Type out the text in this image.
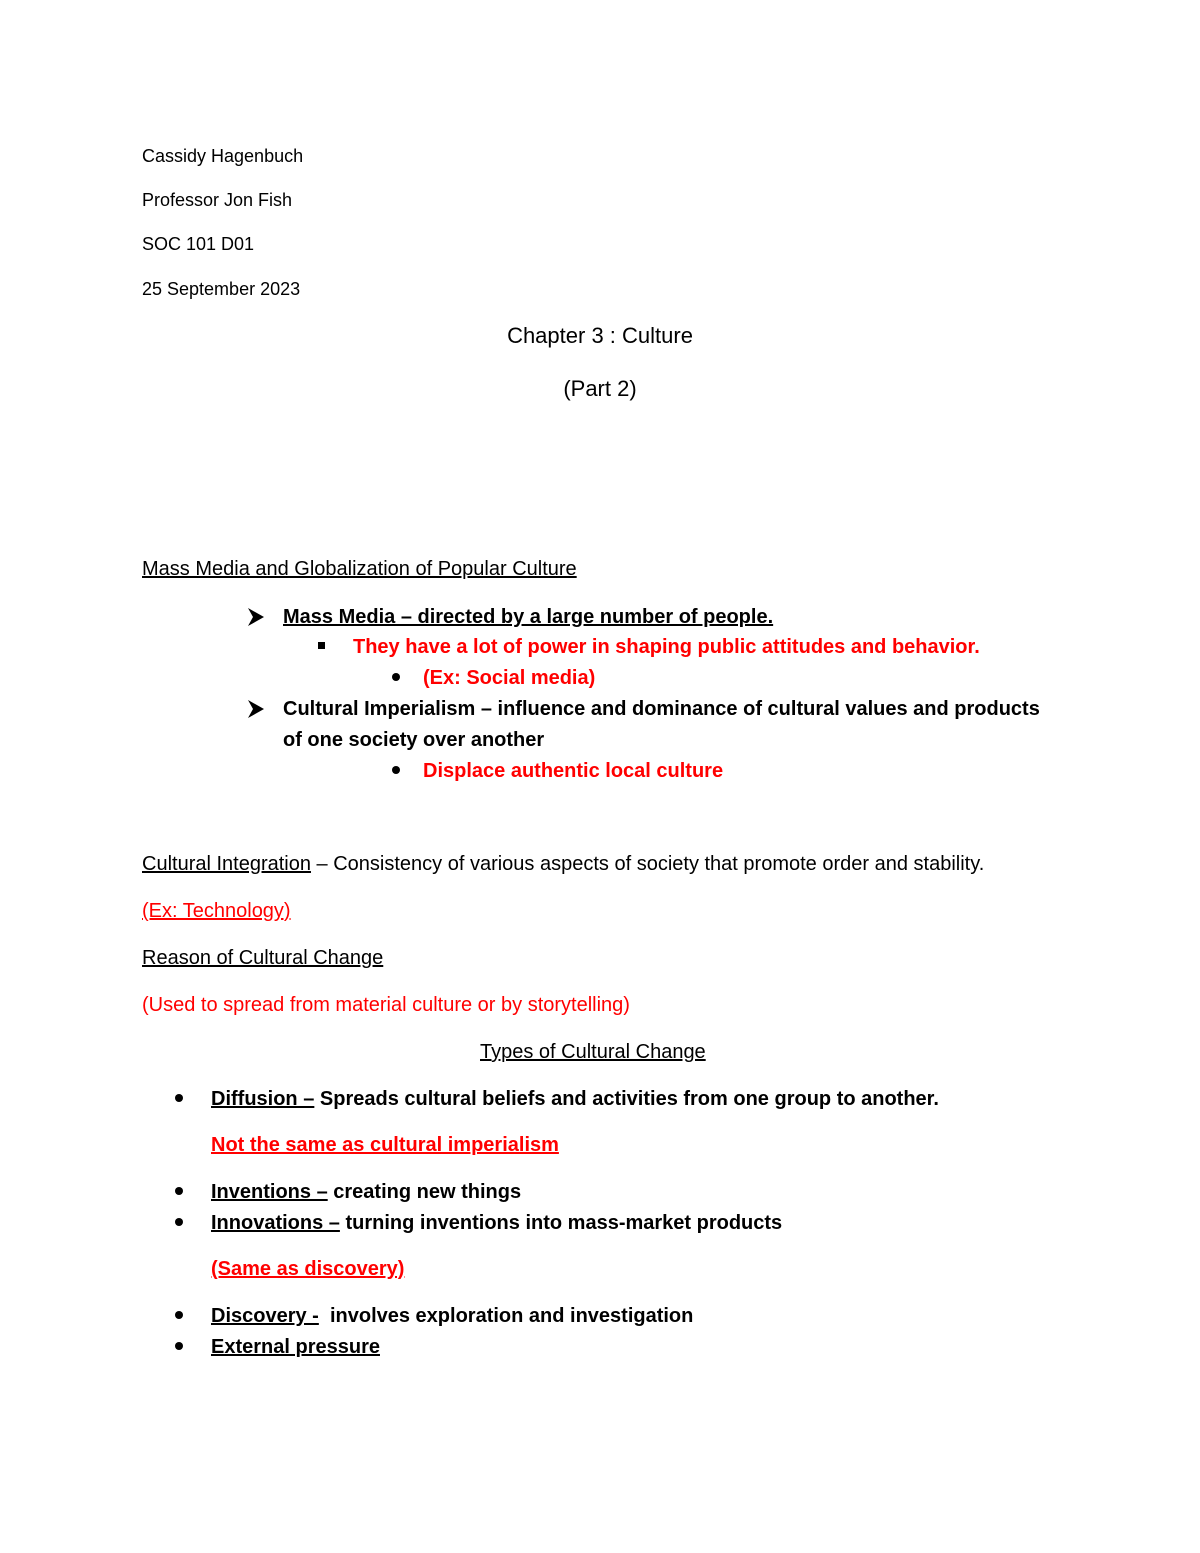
Cassidy Hagenbuch
Professor Jon Fish
SOC 101 D01
25 September 2023
Chapter 3 : Culture
(Part 2)
Mass Media and Globalization of Popular Culture
Mass Media – directed by a large number of people.
They have a lot of power in shaping public attitudes and behavior.
(Ex: Social media)
Cultural Imperialism – influence and dominance of cultural values and products
of one society over another
Displace authentic local culture
Cultural Integration – Consistency of various aspects of society that promote order and stability.
(Ex: Technology)
Reason of Cultural Change
(Used to spread from material culture or by storytelling)
Types of Cultural Change
Diffusion – Spreads cultural beliefs and activities from one group to another.
Not the same as cultural imperialism
Inventions – creating new things
Innovations – turning inventions into mass-market products
(Same as discovery)
Discovery -  involves exploration and investigation
External pressure
